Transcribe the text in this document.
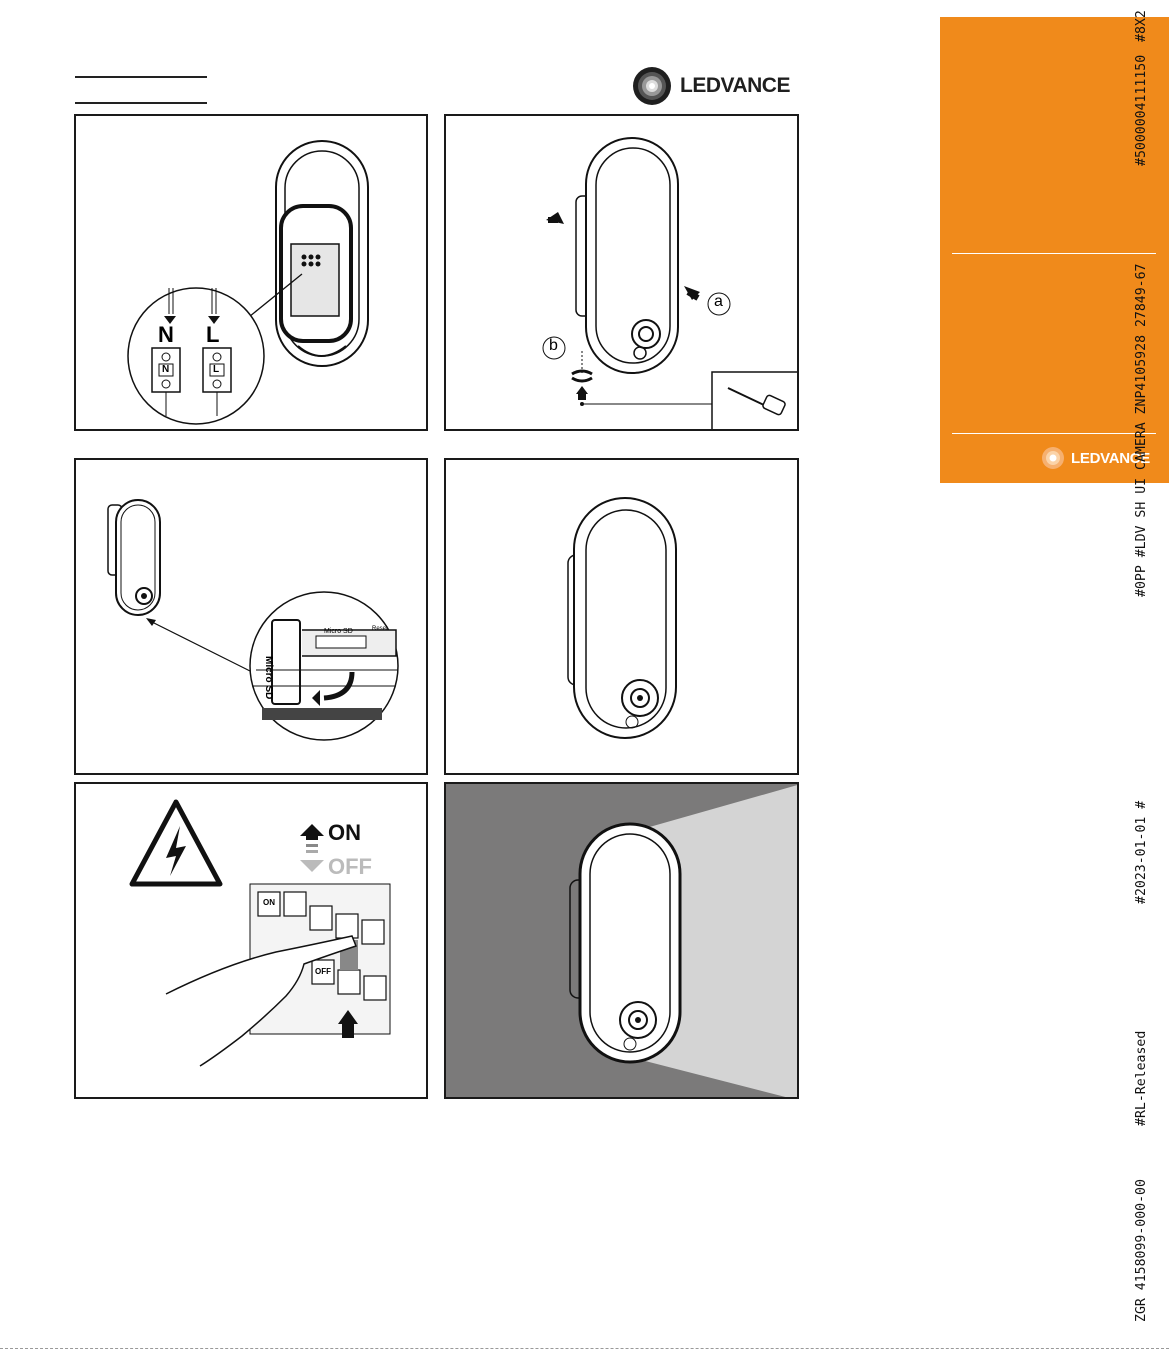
LEDVANCE
N L
N	L
a
b
Micro SD
Micro SD	Reset
ON
OFF
ON
OFF
LEDVANCE
ZGR 4158099-000-00
#RL-Released
#2023-01-01 #
#0PP #LDV SH UI CAMERA ZNP4105928 27849-67
#5000004111150
#8X2
